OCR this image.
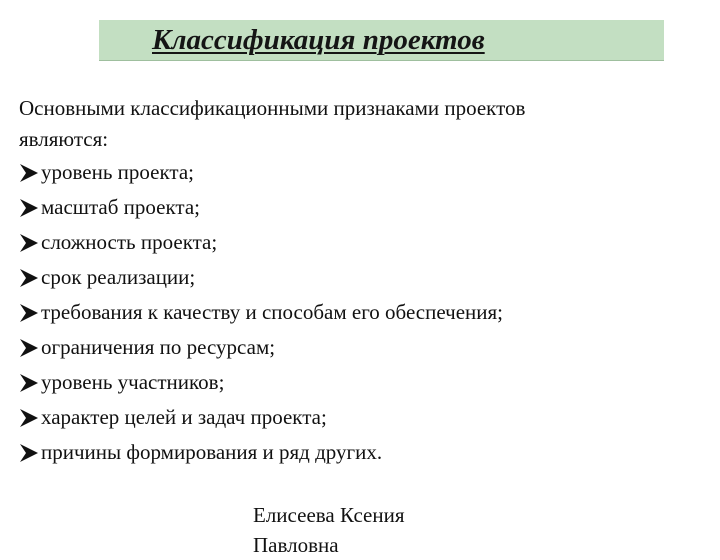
Классификация проектов
Основными классификационными признаками проектов являются:
уровень проекта;
масштаб проекта;
сложность проекта;
срок реализации;
требования к качеству и способам его обеспечения;
ограничения по ресурсам;
уровень участников;
характер целей и задач проекта;
причины формирования и ряд других.
Елисеева Ксения
Павловна
